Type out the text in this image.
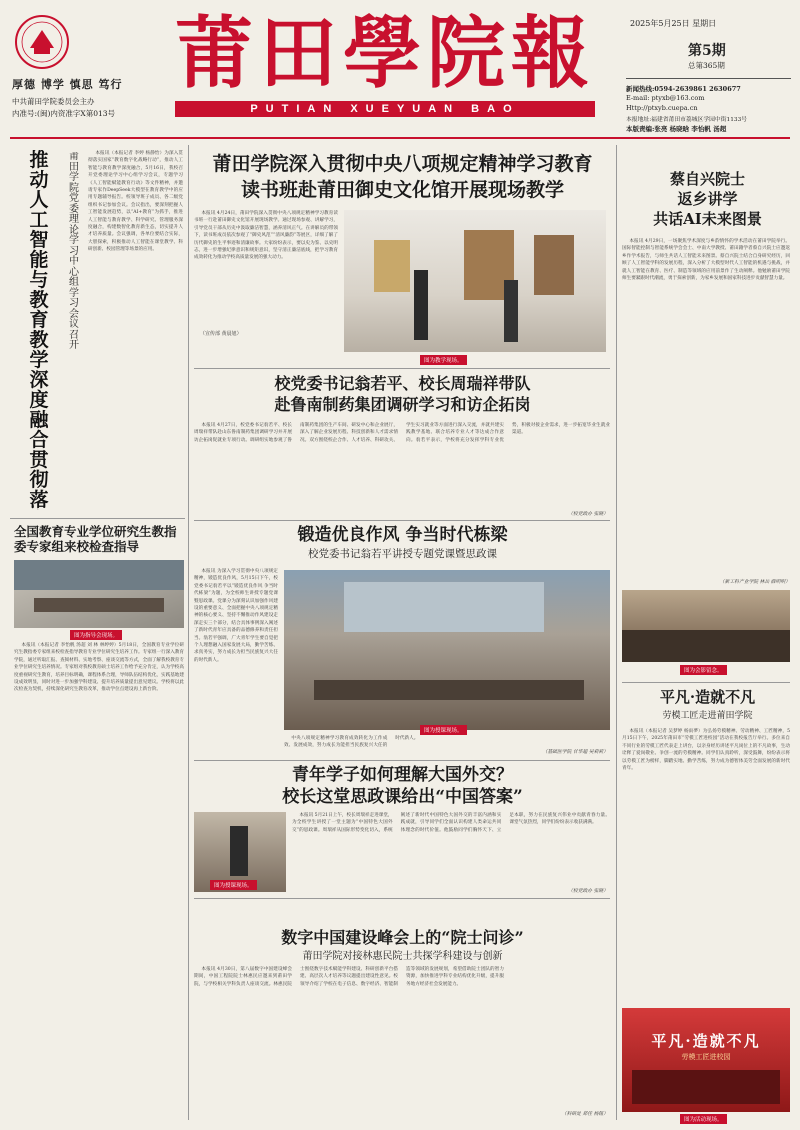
厚德 博学 慎思 笃行
中共莆田学院委员会主办
内准号:(闽)内资准字X第013号
莆田學院報
PUTIAN XUEYUAN BAO
2025年5月25日 星期日
第5期
总第365期
新闻热线:0594-2639861 2630677
E-mail: ptyxb@163.com
Http://ptxyb.cuepa.cn
本报地址:福建省莆田市荔城区学园中街1133号
本版责编:张亮 杨晓晗 李怡帆 汤超
推动人工智能与教育教学深度融合 贯彻落
莆田学院党委理论学习中心组学习会议召开

本报讯（本报记者 李婷 杨静怡）为深入贯彻落实国家“教育数字化战略行动”，推动人工智能与教育教学深度融合，5月16日，我校召开党委理论学习中心组学习会议，专题学习《人工智能赋能教育行动》等文件精神，并邀请专家作DeepSeek大模型在教育教学中的应用专题辅导报告。校领导班子成员、各二级党组织书记参加会议。会议指出，要深刻把握人工智能发展趋势，以“AI+教育”为抓手，推进人工智能与教育教学、科学研究、管理服务深度融合，构建数智化教育新生态，切实提升人才培养质量。会议强调，各单位要结合实际，大胆探索，积极推动人工智能在课堂教学、科研创新、校园管理等场景的应用。

全国教育专业学位研究生教指委专家组来校检查指导
图为指导会现场。

本报讯（本报记者 李怡帆 汤超 刘 林 林婷婷）5月18日，全国教育专业学位研究生教指委专家组来校检查指导教育专业学位研究生培养工作。专家组一行深入教育学院，通过听取汇报、查阅材料、实地考察、座谈交流等方式，全面了解我校教育专业学位研究生培养情况。专家组对我校教育硕士培养工作给予充分肯定，认为学校高度重视研究生教育，培养目标明确，课程体系合理，导师队伍结构优化，实践基地建设成效明显，同时对进一步加强学科建设、提升培养质量提出意见建议。学校将以此次检查为契机，持续深化研究生教育改革，推动学位点建设再上新台阶。

莆田学院深入贯彻中央八项规定精神学习教育
读书班赴莆田御史文化馆开展现场教学

本报讯 4月24日，莆田学院深入贯彻中央八项规定精神学习教育读书班一行赴莆田御史文化馆开展现场教学。通过现场参观、讲解学习，引导党员干部从历史中汲取廉洁智慧，涵养清风正气。在讲解员的带领下，读书班成员依次参观了“御史风范”“清风廉韵”等展区，详细了解了历代御史的生平事迹和清廉故事。大家纷纷表示，要以史为鉴、以史明志，进一步增强纪律意识和规矩意识，坚守清正廉洁底线，把学习教育成效转化为推动学校高质量发展的强大动力。

（宣传部 黄晨旭）
图为教学现场。
校党委书记翁若平、校长周瑞祥带队
赴鲁南制药集团调研学习和访企拓岗

本报讯 4月27日，校党委书记翁若平、校长周瑞祥带队赴山东鲁南制药集团调研学习并开展访企拓岗促就业专项行动。调研组实地参观了鲁南制药集团的生产车间、研发中心和企业展厅，深入了解企业发展历程、科技创新和人才需求情况。双方围绕校企合作、人才培养、科研攻关、学生实习就业等方面进行深入交流，并就共建实践教学基地、联合培养专业人才等达成合作意向。翁若平表示，学校将充分发挥学科专业优势，积极对接企业需求，进一步拓宽毕业生就业渠道。

（校党政办 张晓）
锻造优良作风 争当时代栋梁
校党委书记翁若平讲授专题党课暨思政课

本报讯 为深入学习贯彻中央八项规定精神，锻造优良作风，5月15日下午，校党委书记翁若平以“锻造优良作风 争当时代栋梁”为题，为全校师生讲授专题党课暨思政课。党课分为深刻认识加强作风建设的重要意义、全面把握中央八项规定精神的核心要义、坚持不懈推动作风建设走深走实三个部分，结合具体事例深入阐述了新时代青年应具备的品德修养和责任担当。翁若平强调，广大青年学生要自觉把个人理想融入国家发展大局，勤学苦练、求真务实，努力成长为担当民族复兴大任的时代新人。

图为授课现场。

中央八项规定精神学习教育成效转化为工作成效、发展成效，努力成长为能担当民族复兴大任的时代新人。

（基础医学院 甘华超 吴莉莉）
青年学子如何理解大国外交？
校长这堂思政课给出“中国答案”
图为授课现场。

本报讯 5月21日上午，校长周瑞祥走进课堂，为全校学生讲授了一堂主题为“中国特色大国外交”的思政课。周瑞祥从国际形势变化切入，系统阐述了新时代中国特色大国外交的丰富内涵和实践成就，引导同学们全面认识构建人类命运共同体理念的时代价值。他鼓励同学们胸怀天下、立足本职，努力在民族复兴伟业中贡献青春力量。课堂气氛热烈，同学们纷纷表示收获满满。

（校党政办 张晓）
数字中国建设峰会上的“院士问诊”
莆田学院对接林惠民院士共探学科建设与创新

本报讯 4月30日，第八届数字中国建设峰会期间，中国工程院院士林惠民应邀来到莆田学院，与学校相关学科负责人座谈交流。林惠民院士围绕数字技术赋能学科建设、科研创新平台搭建、高层次人才培养等议题提出建设性意见。校领导介绍了学校在电子信息、数字经济、智能制造等领域的发展规划，希望借助院士团队的智力资源，加快推进学科专业结构优化升级，提升服务地方经济社会发展能力。

（科研处 郑佳 杨铭）
蔡自兴院士
返乡讲学
共话AI未来图景

本报讯 4月29日，一场聚焦学术深度与乡韵情怀的学术活动在莆田学院举行。国际智能控制与智能系统学会会士、中南大学教授、莆田籍学者蔡自兴院士应邀返乡作学术报告，与师生共话人工智能未来图景。蔡自兴院士结合自身研究经历，回顾了人工智能学科的发展历程，深入分析了大模型时代人工智能的机遇与挑战，并就人工智能在教育、医疗、制造等领域的应用前景作了生动阐释。他勉励莆田学院师生要紧跟时代潮流，勇于探索创新，为家乡发展和国家科技进步贡献智慧力量。

（新工科产业学院 林岳 薛明明）
图为会影留念。
平凡·造就不凡
劳模工匠走进莆田学院

本报讯（本报记者 吴梦婷 杨雨夢）为弘扬劳模精神、劳动精神、工匠精神，5月15日下午，2025年莆田市“劳模工匠进校园”活动在我校报告厅举行。多位来自不同行业的劳模工匠代表走上讲台，以亲身经历讲述平凡岗位上的不凡故事，生动诠释了爱岗敬业、争创一流的劳模精神。同学们认真聆听，深受鼓舞，纷纷表示将以劳模工匠为榜样，脚踏实地、勤学苦练，努力成为德智体美劳全面发展的新时代青年。

平凡·造就不凡
劳模工匠进校园
图为活动现场。
